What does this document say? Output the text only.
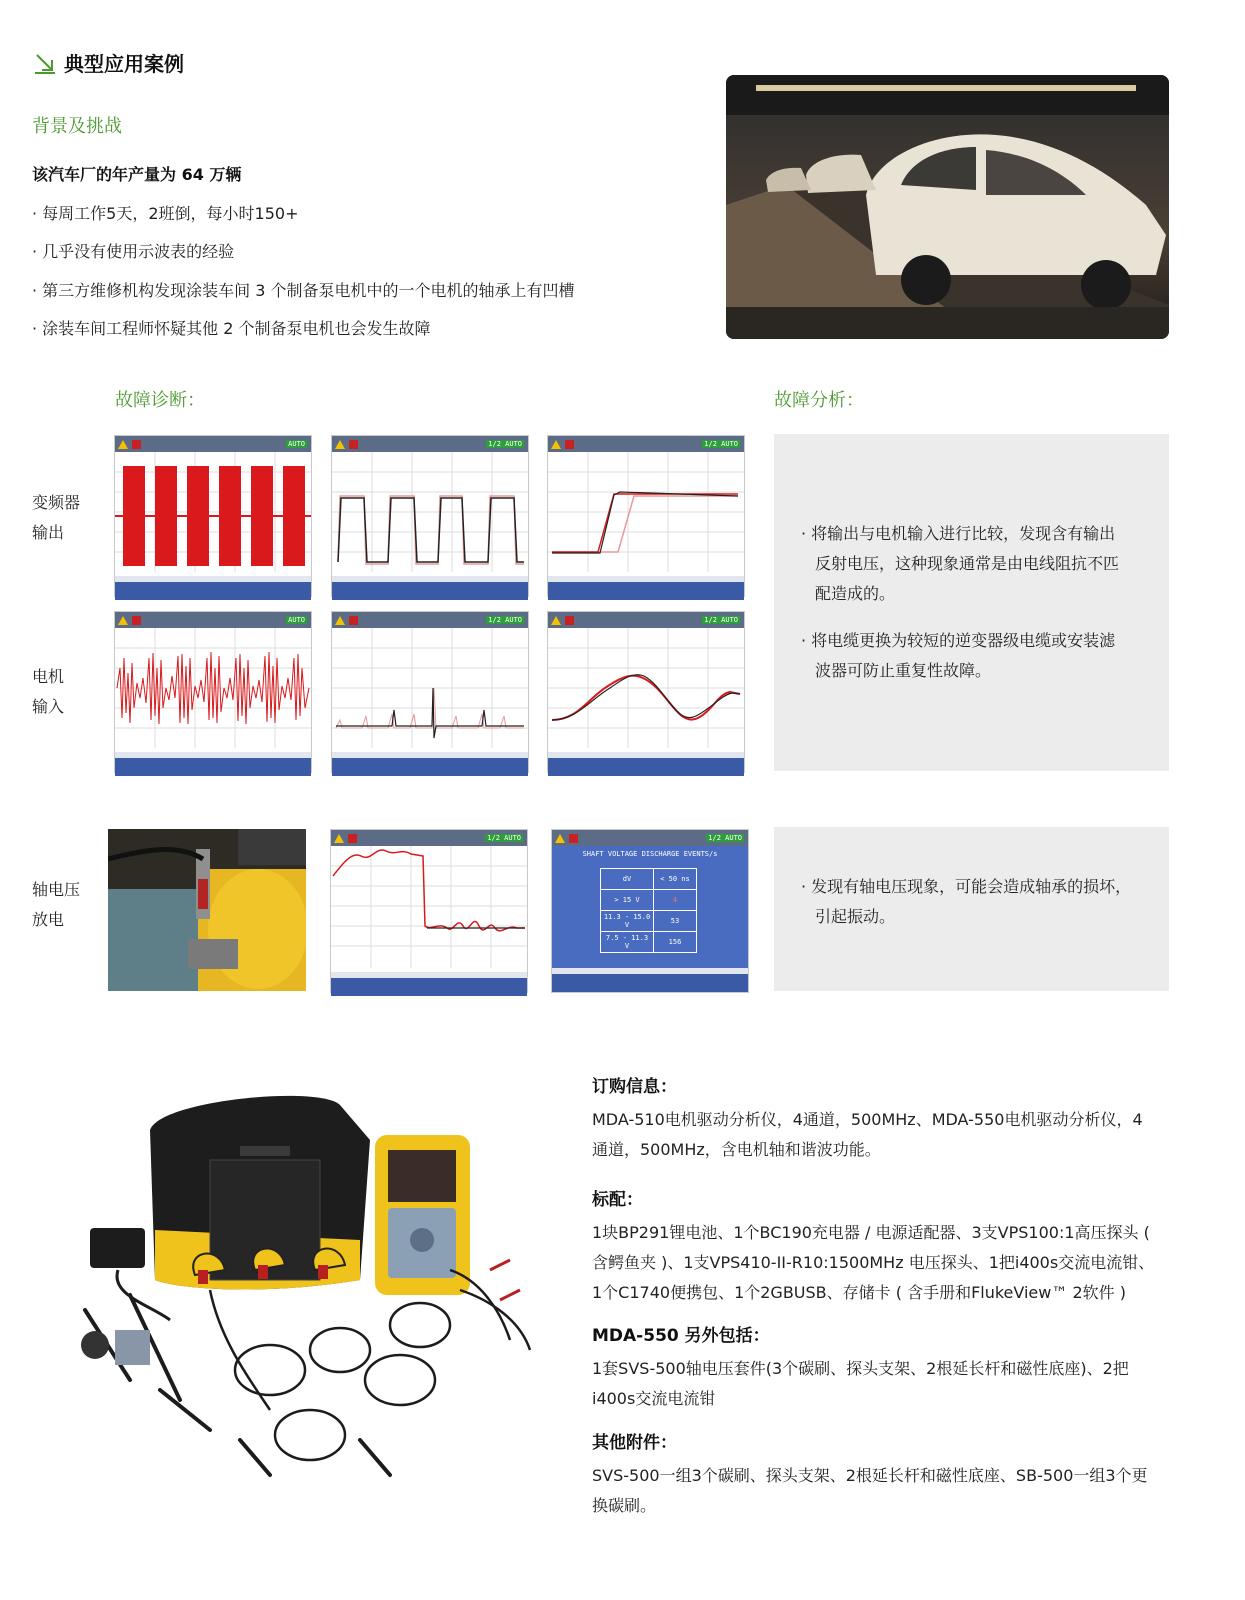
典型应用案例
背景及挑战
该汽车厂的年产量为 64 万辆
· 每周工作5天，2班倒，每小时150+
· 几乎没有使用示波表的经验
· 第三方维修机构发现涂装车间 3 个制备泵电机中的一个电机的轴承上有凹槽
· 涂装车间工程师怀疑其他 2 个制备泵电机也会发生故障
故障诊断：	故障分析：
变频器
输出
电机
输入
轴电压
放电
AUTO	1/2 AUTO	1/2 AUTO
AUTO	1/2 AUTO	1/2 AUTO
· 将输出与电机输入进行比较，发现含有输出
反射电压，这种现象通常是由电线阻抗不匹
配造成的。
· 将电缆更换为较短的逆变器级电缆或安装滤
波器可防止重复性故障。
1/2 AUTO	1/2 AUTO
SHAFT VOLTAGE DISCHARGE EVENTS/s
dV	< 50 ns
> 15 V	4
11.3 - 15.0 V	53
7.5 - 11.3 V	156
· 发现有轴电压现象，可能会造成轴承的损坏，
引起振动。
订购信息：
MDA-510电机驱动分析仪，4通道，500MHz、MDA-550电机驱动分析仪，4
通道，500MHz，含电机轴和谐波功能。
标配：
1块BP291锂电池、1个BC190充电器 / 电源适配器、3支VPS100:1高压探头 (
含鳄鱼夹 )、1支VPS410-II-R10:1500MHz 电压探头、1把i400s交流电流钳、
1个C1740便携包、1个2GBUSB、存储卡 ( 含手册和FlukeView™ 2软件 )
MDA-550 另外包括：
1套SVS-500轴电压套件(3个碳刷、探头支架、2根延长杆和磁性底座)、2把
i400s交流电流钳
其他附件：
SVS-500一组3个碳刷、探头支架、2根延长杆和磁性底座、SB-500一组3个更
换碳刷。
